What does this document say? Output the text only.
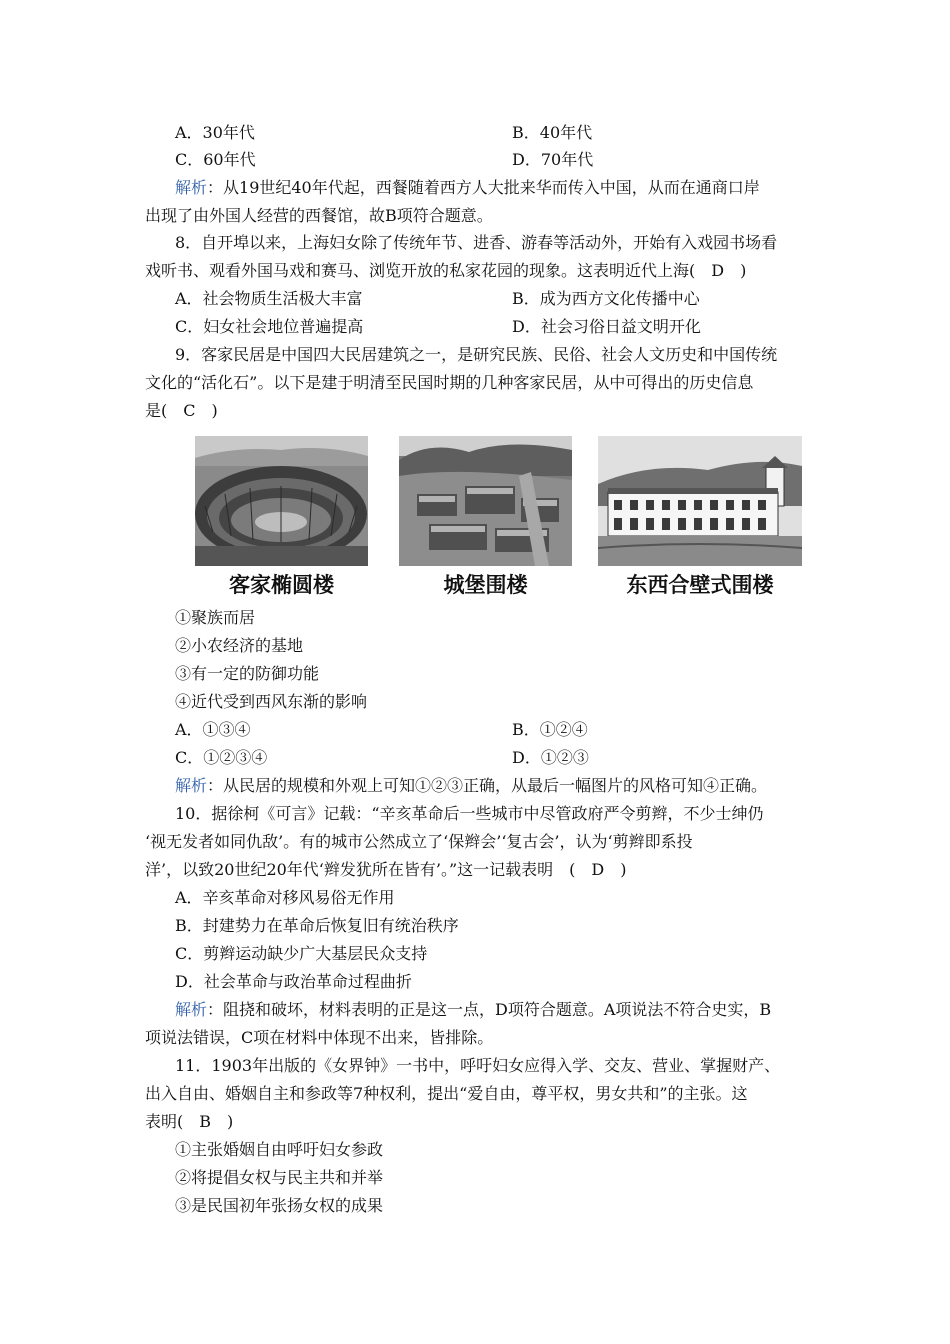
A．30年代	B．40年代
C．60年代	D．70年代
解析：从19世纪40年代起，西餐随着西方人大批来华而传入中国，从而在通商口岸
出现了由外国人经营的西餐馆，故B项符合题意。
8．自开埠以来，上海妇女除了传统年节、进香、游春等活动外，开始有入戏园书场看
戏听书、观看外国马戏和赛马、浏览开放的私家花园的现象。这表明近代上海(　D　)
A．社会物质生活极大丰富	B．成为西方文化传播中心
C．妇女社会地位普遍提高	D．社会习俗日益文明开化
9．客家民居是中国四大民居建筑之一，是研究民族、民俗、社会人文历史和中国传统
文化的“活化石”。以下是建于明清至民国时期的几种客家民居，从中可得出的历史信息
是(　C　)
客家椭圆楼	城堡围楼	东西合壁式围楼
①聚族而居
②小农经济的基地
③有一定的防御功能
④近代受到西风东渐的影响
A．①③④	B．①②④
C．①②③④	D．①②③
解析：从民居的规模和外观上可知①②③正确，从最后一幅图片的风格可知④正确。
10．据徐柯《可言》记载：“辛亥革命后一些城市中尽管政府严令剪辫，不少士绅仍
‘视无发者如同仇敌’。有的城市公然成立了‘保辫会’‘复古会’，认为‘剪辫即系投
洋’，以致20世纪20年代‘辫发犹所在皆有’。”这一记载表明　(　D　)
A．辛亥革命对移风易俗无作用
B．封建势力在革命后恢复旧有统治秩序
C．剪辫运动缺少广大基层民众支持
D．社会革命与政治革命过程曲折
解析：阻挠和破坏，材料表明的正是这一点，D项符合题意。A项说法不符合史实，B
项说法错误，C项在材料中体现不出来，皆排除。
11．1903年出版的《女界钟》一书中，呼吁妇女应得入学、交友、营业、掌握财产、
出入自由、婚姻自主和参政等7种权利，提出“爱自由，尊平权，男女共和”的主张。这
表明(　B　)
①主张婚姻自由呼吁妇女参政
②将提倡女权与民主共和并举
③是民国初年张扬女权的成果
